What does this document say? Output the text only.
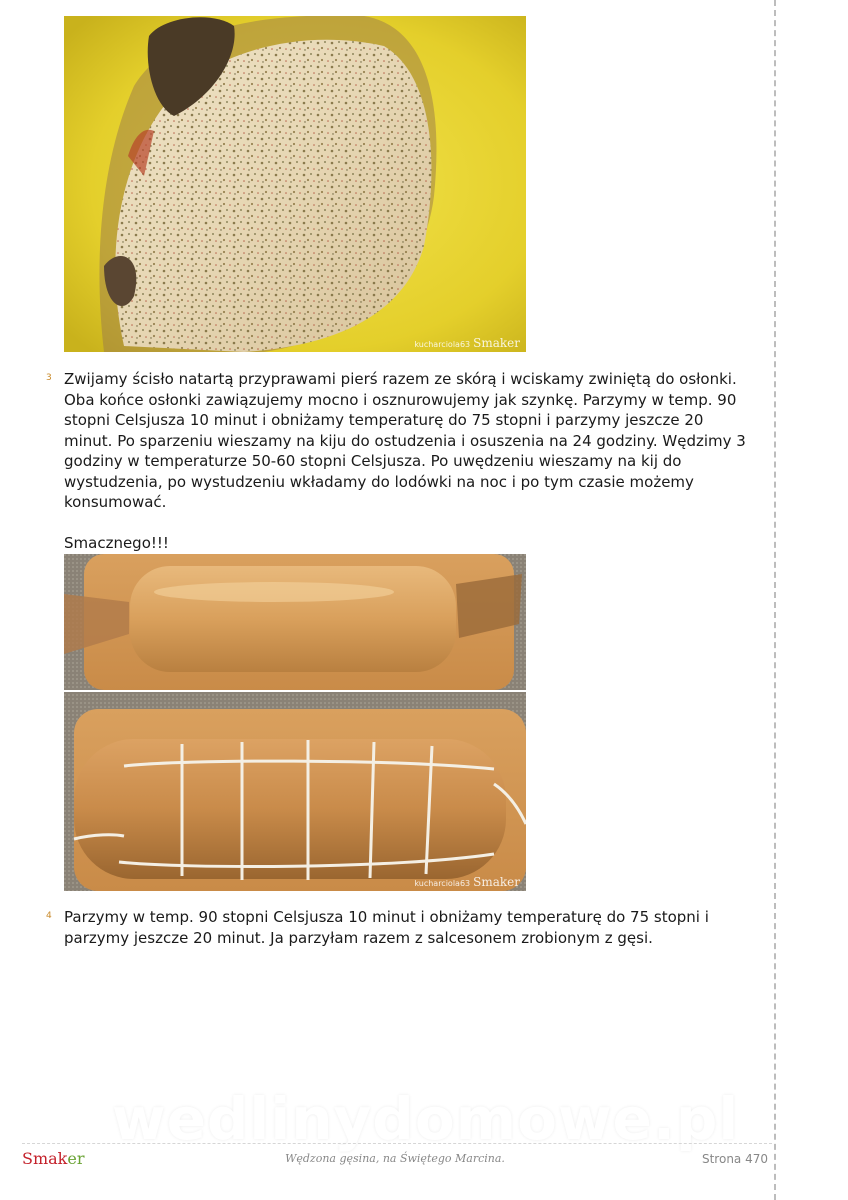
kucharciola63 Smaker
3 Zwijamy ścisło natartą przyprawami pierś razem ze skórą i wciskamy zwiniętą do osłonki. Oba końce osłonki zawiązujemy mocno i osznurowujemy jak szynkę. Parzymy w temp. 90 stopni Celsjusza 10 minut i obniżamy temperaturę do 75 stopni i parzymy jeszcze 20 minut. Po sparzeniu wieszamy na kiju do ostudzenia i osuszenia na 24 godziny. Wędzimy 3 godziny w temperaturze 50-60 stopni Celsjusza. Po uwędzeniu wieszamy na kij do wystudzenia, po wystudzeniu wkładamy do lodówki na noc i po tym czasie możemy konsumować.
Smacznego!!!
kucharciola63 Smaker
4 Parzymy w temp. 90 stopni Celsjusza 10 minut i obniżamy temperaturę do 75 stopni i parzymy jeszcze 20 minut. Ja parzyłam razem z salcesonem zrobionym z gęsi.
wedlinydomowe.pl
Smaker	Wędzona gęsina, na Świętego Marcina.	Strona 470
